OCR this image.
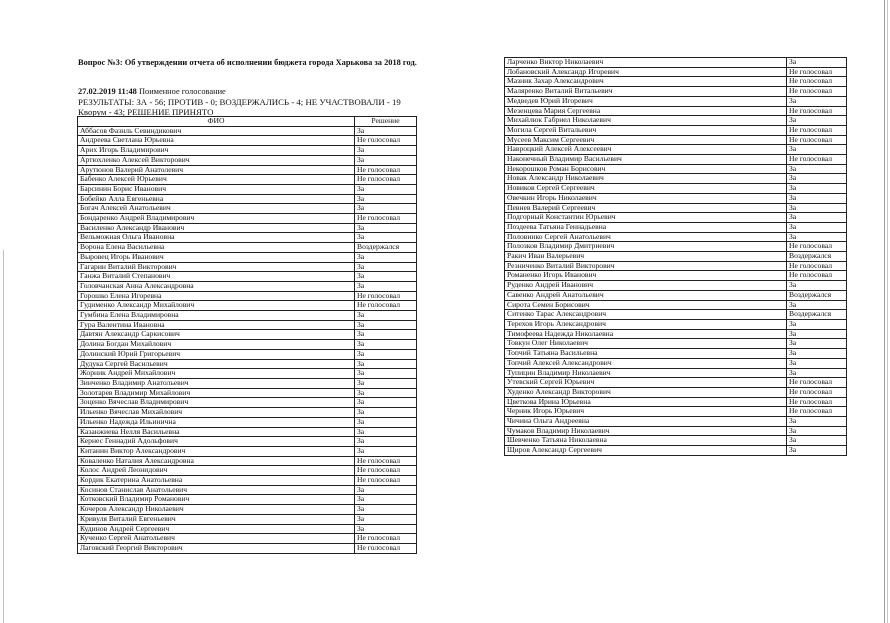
Вопрос №3: Об утверждении отчета об исполнении бюджета города Харькова за 2018 год.
27.02.2019 11:48 Поименное голосование
РЕЗУЛЬТАТЫ: ЗА - 56; ПРОТИВ - 0; ВОЗДЕРЖАЛИСЬ - 4; НЕ УЧАСТВОВАЛИ - 19
Кворум - 43; РЕШЕНИЕ ПРИНЯТО
ФИО	Решение
Аббасов Фазиль Севиндикович	За
Андреева Светлана Юрьевна	Не голосовал
Арих Игорь Владимирович	За
Артюхленко Алексей Викторович	За
Арутюнов Валерий Анатолевич	Не голосовал
Бабенко Алексей Юрьевич	Не голосовал
Барсинин Борис Иванович	За
Бобейко Алла Евгеньевна	За
Богач Алексей Анатольевич	За
Бондаренко Андрей Владимирович	Не голосовал
Василенко Александр Иванович	За
Вельможная Ольга Ивановна	За
Ворона Елена Васильевна	Воздержался
Выровец Игорь Иванович	За
Гагарин Виталий Викторович	За
Ганжа Виталий Степанович	За
Головчанская Анна Александровна	За
Горошко Елена Игоревна	Не голосовал
Гудименко Александр Михайлович	Не голосовал
Гумбина Елена Владимировна	За
Гура Валентина Ивановна	За
Давтян Александр Саркисович	За
Долина Богдан Михайлович	За
Долинский Юрий Григорьевич	За
Дудука Сергей Васильевич	За
Жорник Андрей Михайлович	За
Зинченко Владимир Анатольевич	За
Золотарев Владимир Михайлович	За
Зоценко Вячеслав Владимирович	За
Ильенко Вячеслав Михайлович	За
Ильенко Надежда Ильинична	За
Казанжиева Нелля Васильевна	За
Кернес Геннадий Адольфович	За
Китанин Виктор Александрович	За
Коваленко Наталия Александровна	Не голосовал
Колос Андрей Леонидович	Не голосовал
Кордик Екатерина Анатольевна	Не голосовал
Косинов Станислав Анатольевич	За
Котковский Владимир Романович	За
Кочеров Александр Николаевич	За
Кривуля Виталий Евгеньевич	За
Кудинов Андрей Сергеевич	За
Кученко Сергей Анатольевич	Не голосовал
Лаговский Георгий Викторович	Не голосовал
Ларченко Виктор Николаевич	За
Лобановский Александр Игоревич	Не голосовал
Мазник Захар Александрович	Не голосовал
Маляренко Виталий Витальевич	Не голосовал
Медведев Юрий Игоревич	За
Мезенцева Мария Сергеевна	Не голосовал
Михайлюк Габриел Николаевич	За
Могила Сергей Витальевич	Не голосовал
Мусеев Максим Сергеевич	Не голосовал
Навроцкий Алексей Алексеевич	За
Наконечный Владимир Васильевич	Не голосовал
Некорошков Роман Борисович	За
Новак Александр Николаевич	За
Новиков Сергей Сергеевич	За
Овечкин Игорь Николаевич	За
Певнев Валерий Сергеевич	За
Подгорный Константин Юрьевич	За
Поздеева Татьяна Геннадьевна	За
Половинко Сергей Анатольевич	За
Полозков Владимир Дмитриевич	Не голосовал
Ракич Иван Валерьевич	Воздержался
Резниченко Виталий Викторович	Не голосовал
Романенко Игорь Иванович	Не голосовал
Руденко Андрей Иванович	За
Савенко Андрей Анатольевич	Воздержался
Сирота Семен Борисович	За
Ситенко Тарас Александрович	Воздержался
Терехов Игорь Александрович	За
Тимофеева Надежда Николаевна	За
Товкун Олег Николаевич	За
Топчий Татьяна Васильевна	За
Топчий Алексей Александрович	За
Тупицин Владимир Николаевич	За
Утевский Сергей Юрьевич	Не голосовал
Худенко Александр Викторович	Не голосовал
Цветкова Ирина Юрьевна	Не голосовал
Черник Игорь Юрьевич	Не голосовал
Чичина Ольга Андреевна	За
Чумаков Владимир Николаевич	За
Шевченко Татьяна Николаевна	За
Щиров Александр Сергеевич	За
